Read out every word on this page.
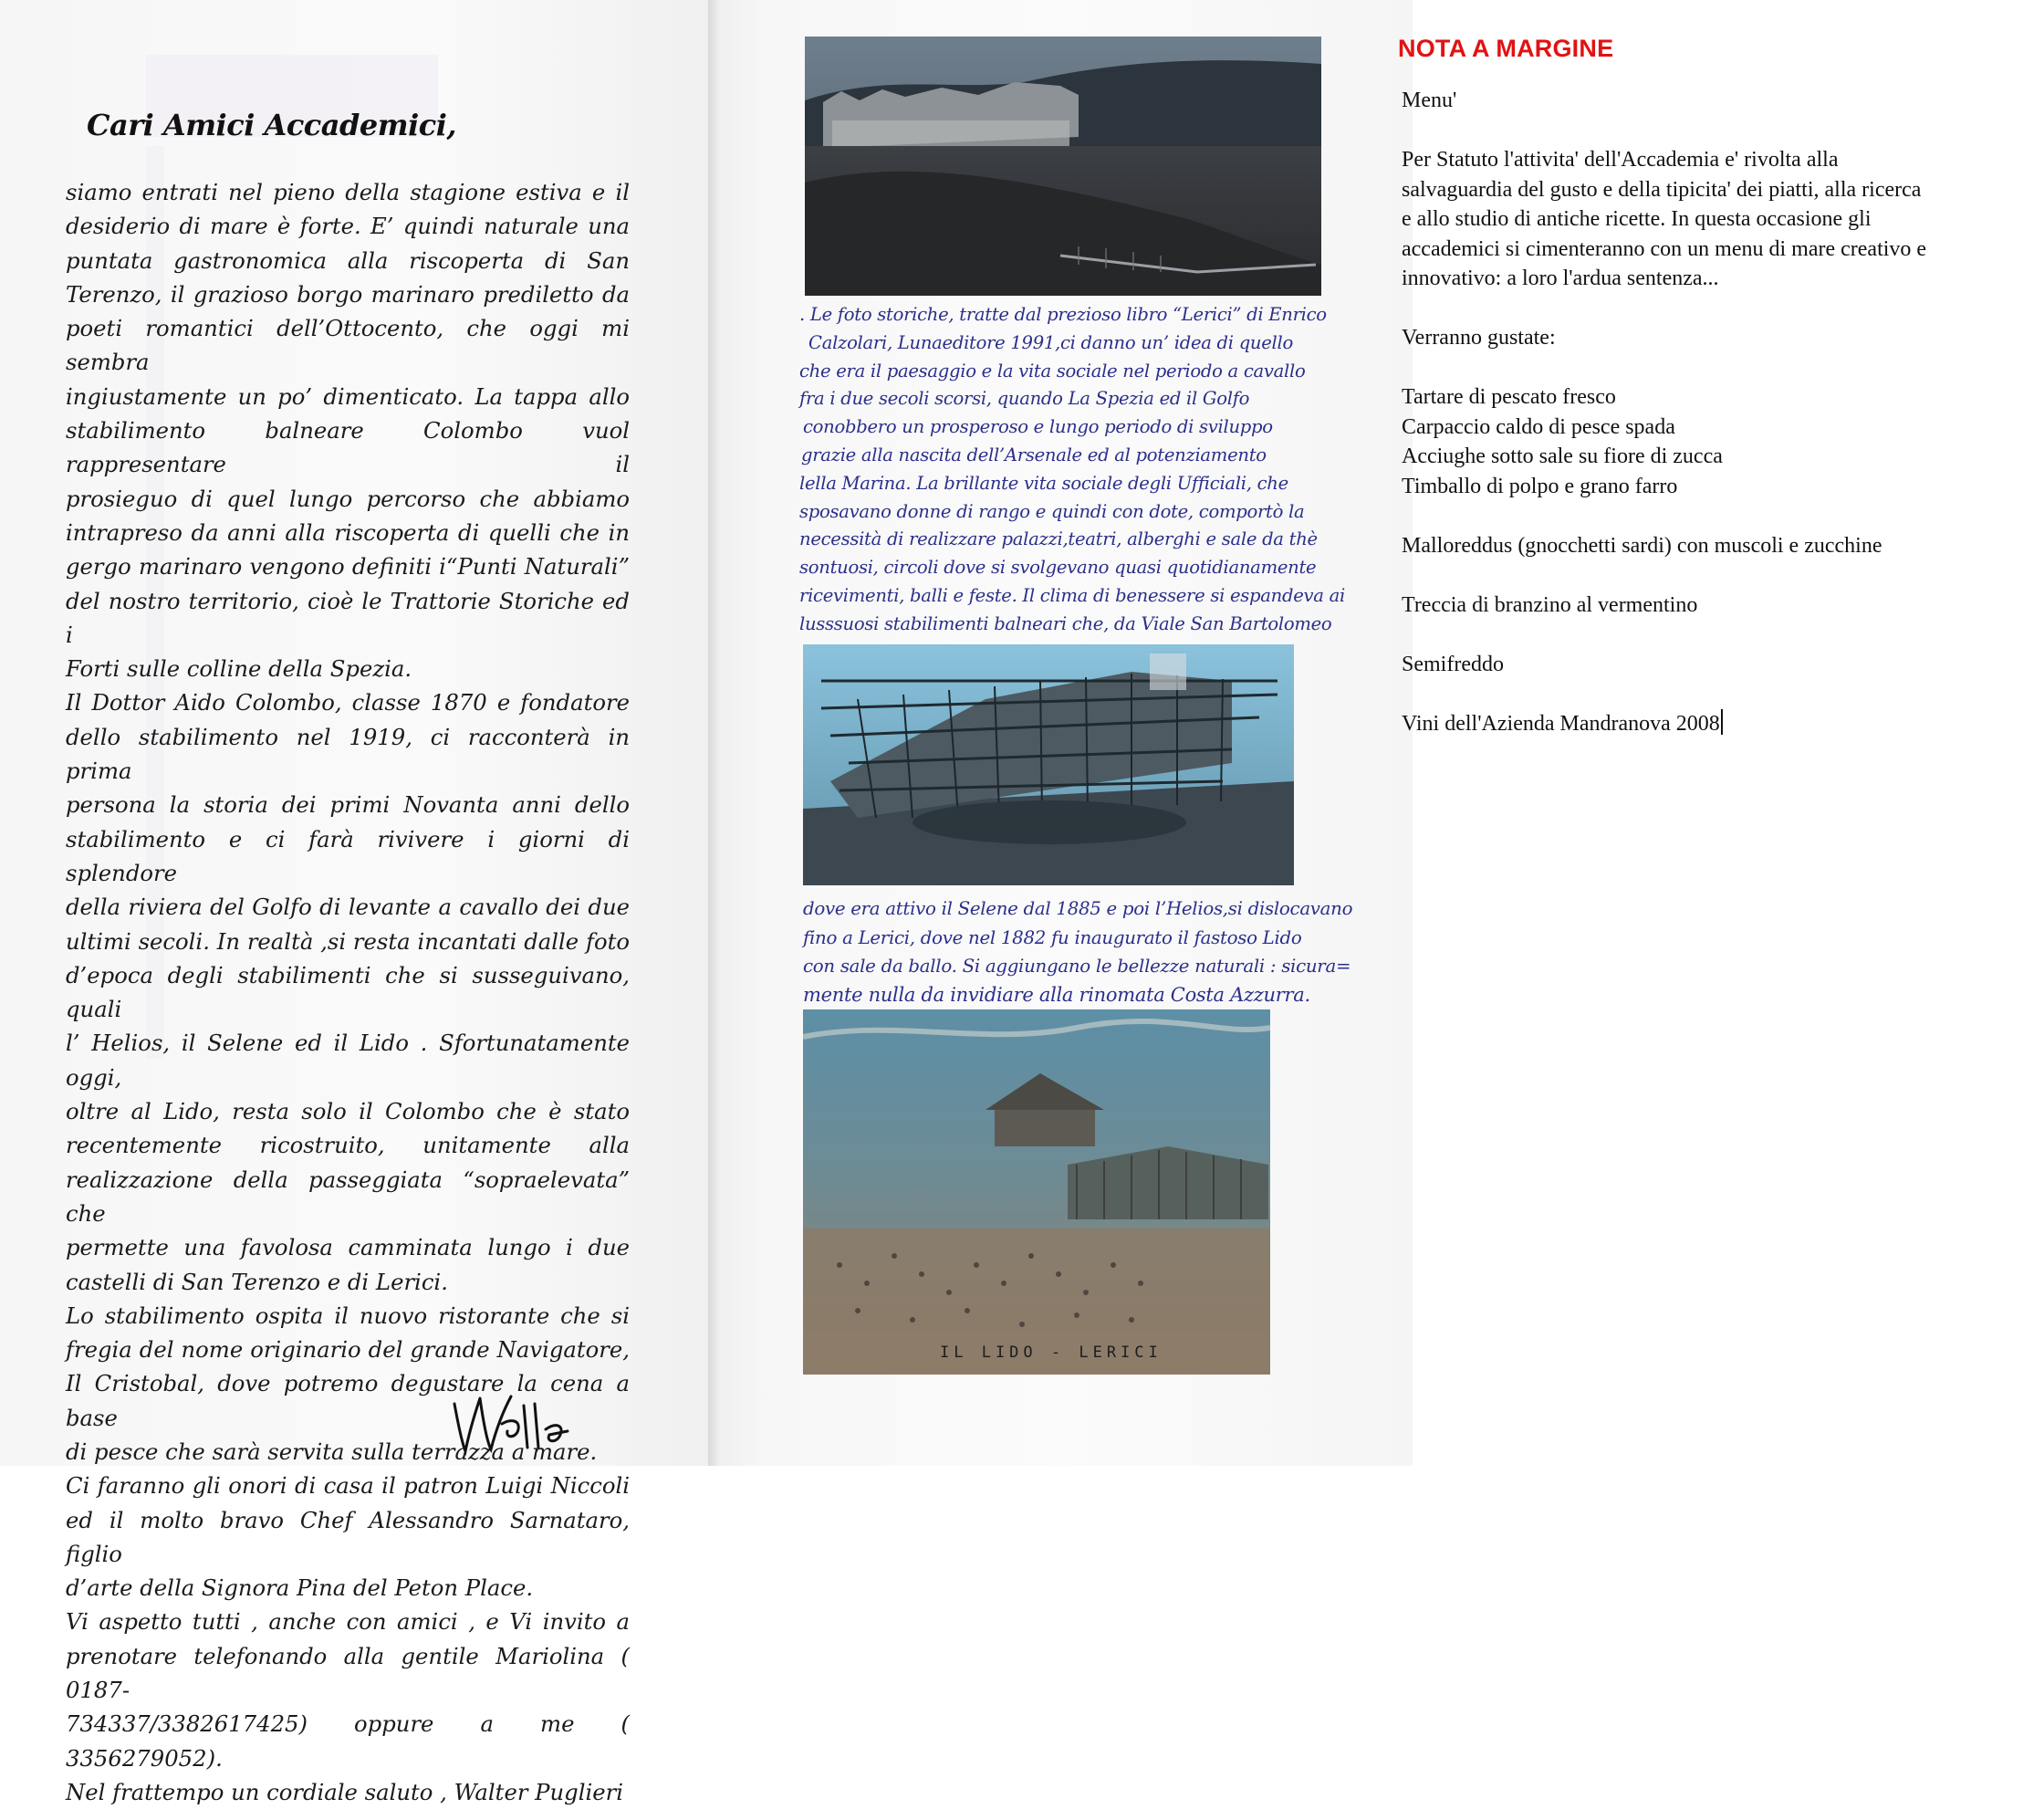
Cari Amici Accademici,

siamo entrati nel pieno della stagione estiva e il

desiderio di mare è forte. E’ quindi naturale una

puntata gastronomica alla riscoperta di San

Terenzo, il grazioso borgo marinaro prediletto da

poeti romantici dell’Ottocento, che oggi mi sembra

ingiustamente un po’ dimenticato. La tappa allo

stabilimento balneare Colombo vuol rappresentare il

prosieguo di quel lungo percorso che abbiamo

intrapreso da anni alla riscoperta di quelli che in

gergo marinaro vengono definiti i“Punti Naturali”

del nostro territorio, cioè le Trattorie Storiche ed i

Forti sulle colline della Spezia.

Il Dottor Aido Colombo, classe 1870 e fondatore

dello stabilimento nel 1919, ci racconterà in prima

persona la storia dei primi Novanta anni dello

stabilimento e ci farà rivivere i giorni di splendore

della riviera del Golfo di levante a cavallo dei due

ultimi secoli. In realtà ,si resta incantati dalle foto

d’epoca degli stabilimenti che si susseguivano, quali

l’ Helios, il Selene ed il Lido . Sfortunatamente oggi,

oltre al Lido, resta solo il Colombo che è stato

recentemente ricostruito, unitamente alla

realizzazione della passeggiata “sopraelevata” che

permette una favolosa camminata lungo i due

castelli di San Terenzo e di Lerici.

Lo stabilimento ospita il nuovo ristorante che si

fregia del nome originario del grande Navigatore,

Il Cristobal, dove potremo degustare la cena a base

di pesce che sarà servita sulla terrazza a mare.

Ci faranno gli onori di casa il patron Luigi Niccoli

ed il molto bravo Chef Alessandro Sarnataro, figlio

d’arte della Signora Pina del Peton Place.

Vi aspetto tutti , anche con amici , e Vi invito a

prenotare telefonando alla gentile Mariolina ( 0187-

734337/3382617425) oppure a me ( 3356279052).

Nel frattempo un cordiale saluto , Walter Puglieri

. Le foto storiche, tratte dal prezioso libro “Lerici” di Enrico

Calzolari, Lunaeditore 1991,ci danno un’ idea di quello

che era il paesaggio e la vita sociale nel periodo a cavallo

fra i due secoli scorsi, quando La Spezia ed il Golfo

conobbero un prosperoso e lungo periodo di sviluppo

grazie alla nascita dell’Arsenale ed al potenziamento

lella Marina. La brillante vita sociale degli Ufficiali, che

sposavano donne di rango e quindi con dote, comportò la

necessità di realizzare palazzi,teatri, alberghi e sale da thè

sontuosi, circoli dove si svolgevano quasi quotidianamente

ricevimenti, balli e feste. Il clima di benessere si espandeva ai

lusssuosi stabilimenti balneari che, da Viale San Bartolomeo

dove era attivo il Selene dal 1885 e poi l’Helios,si dislocavano

fino a Lerici, dove nel 1882 fu inaugurato il fastoso Lido

con sale da ballo. Si aggiungano le bellezze naturali : sicura=

mente nulla da invidiare alla rinomata Costa Azzurra.

IL LIDO - LERICI
NOTA A MARGINE

Menu'

Per Statuto l'attivita' dell'Accademia e' rivolta alla

salvaguardia del gusto e della tipicita' dei piatti, alla ricerca

e allo studio di antiche ricette. In questa occasione gli

accademici si cimenteranno con un menu di mare creativo e

innovativo: a loro l'ardua sentenza...

Verranno gustate:

Tartare di pescato fresco

Carpaccio caldo di pesce spada

Acciughe sotto sale su fiore di zucca

Timballo di polpo e grano farro

Malloreddus (gnocchetti sardi) con muscoli e zucchine

Treccia di branzino al vermentino

Semifreddo

Vini dell'Azienda Mandranova 2008
